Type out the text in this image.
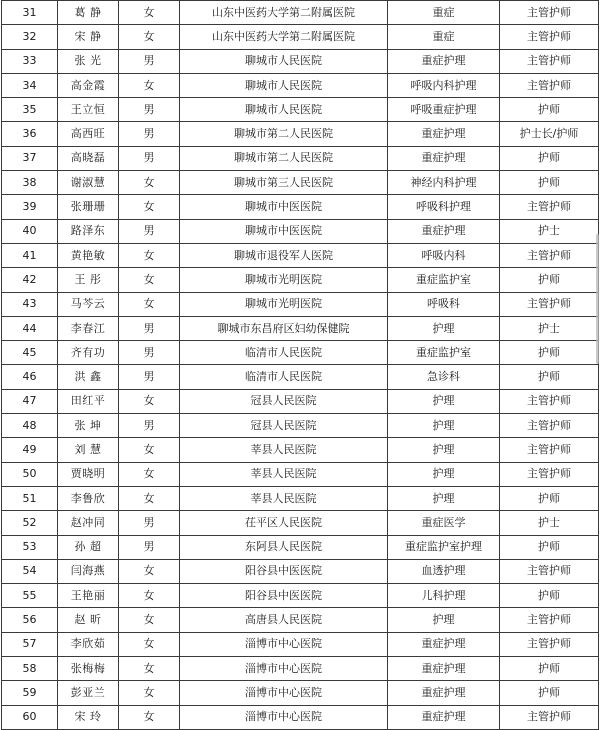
31	葛 静	女	山东中医药大学第二附属医院	重症	主管护师
32	宋 静	女	山东中医药大学第二附属医院	重症	主管护师
33	张 光	男	聊城市人民医院	重症护理	主管护师
34	高金霞	女	聊城市人民医院	呼吸内科护理	主管护师
35	王立恒	男	聊城市人民医院	呼吸重症护理	护师
36	高西旺	男	聊城市第二人民医院	重症护理	护士长/护师
37	高晓磊	男	聊城市第二人民医院	重症护理	护师
38	谢淑慧	女	聊城市第三人民医院	神经内科护理	护师
39	张珊珊	女	聊城市中医医院	呼吸科护理	主管护师
40	路泽东	男	聊城市中医医院	重症护理	护士
41	黄艳敏	女	聊城市退役军人医院	呼吸内科	主管护师
42	王 彤	女	聊城市光明医院	重症监护室	护师
43	马芩云	女	聊城市光明医院	呼吸科	主管护师
44	李春江	男	聊城市东昌府区妇幼保健院	护理	护士
45	齐有功	男	临清市人民医院	重症监护室	护师
46	洪 鑫	男	临清市人民医院	急诊科	护师
47	田红平	女	冠县人民医院	护理	主管护师
48	张 坤	男	冠县人民医院	护理	主管护师
49	刘 慧	女	莘县人民医院	护理	主管护师
50	贾晓明	女	莘县人民医院	护理	主管护师
51	李鲁欣	女	莘县人民医院	护理	护师
52	赵冲同	男	茌平区人民医院	重症医学	护士
53	孙 超	男	东阿县人民医院	重症监护室护理	护师
54	闫海燕	女	阳谷县中医医院	血透护理	主管护师
55	王艳丽	女	阳谷县中医医院	儿科护理	护师
56	赵 昕	女	高唐县人民医院	护理	主管护师
57	李欣茹	女	淄博市中心医院	重症护理	主管护师
58	张梅梅	女	淄博市中心医院	重症护理	护师
59	彭亚兰	女	淄博市中心医院	重症护理	护师
60	宋 玲	女	淄博市中心医院	重症护理	主管护师
